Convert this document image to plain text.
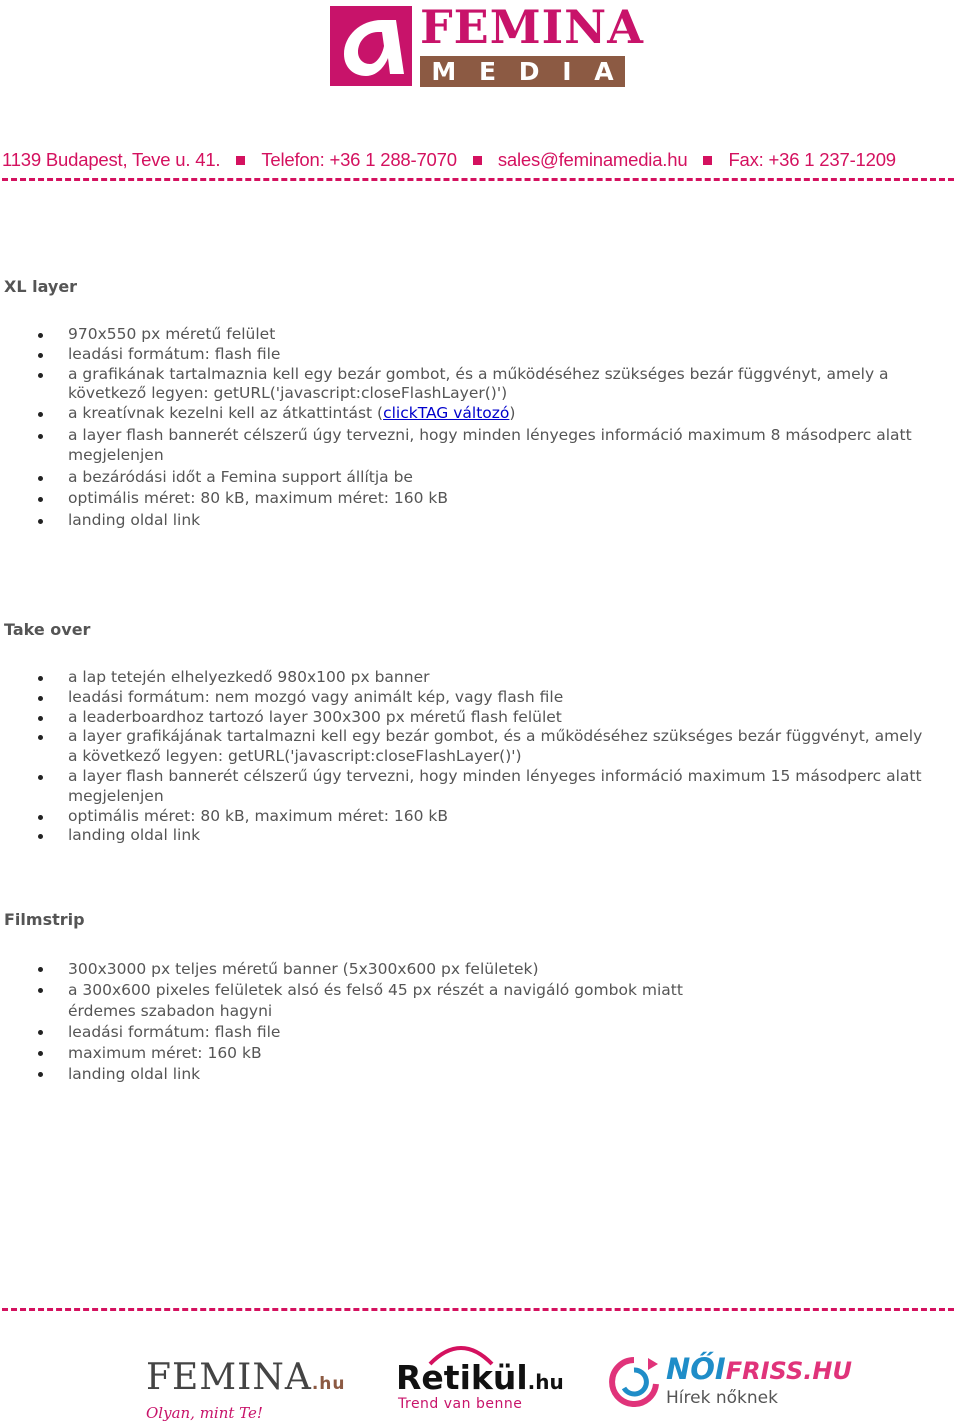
FEMINA
M E D I A
1139 Budapest, Teve u. 41. Telefon: +36 1 288-7070 sales@feminamedia.hu Fax: +36 1 237-1209
XL layer
970x550 px méretű felület
leadási formátum: flash file
a grafikának tartalmaznia kell egy bezár gombot, és a működéséhez szükséges bezár függvényt, amely a következő legyen: getURL('javascript:closeFlashLayer()')
a kreatívnak kezelni kell az átkattintást (clickTAG változó)
a layer flash bannerét célszerű úgy tervezni, hogy minden lényeges információ maximum 8 másodperc alatt megjelenjen
a bezáródási időt a Femina support állítja be
optimális méret: 80 kB, maximum méret: 160 kB
landing oldal link
Take over
a lap tetején elhelyezkedő 980x100 px banner
leadási formátum: nem mozgó vagy animált kép, vagy flash file
a leaderboardhoz tartozó layer 300x300 px méretű flash felület
a layer grafikájának tartalmazni kell egy bezár gombot, és a működéséhez szükséges bezár függvényt, amely a következő legyen: getURL('javascript:closeFlashLayer()')
a layer flash bannerét célszerű úgy tervezni, hogy minden lényeges információ maximum 15 másodperc alatt megjelenjen
optimális méret: 80 kB, maximum méret: 160 kB
landing oldal link
Filmstrip
300x3000 px teljes méretű banner (5x300x600 px felületek)
a 300x600 pixeles felületek alsó és felső 45 px részét a navigáló gombok miatt érdemes szabadon hagyni
leadási formátum: flash file
maximum méret: 160 kB
landing oldal link
FEMINA.hu
Olyan, mint Te!
Retikül.hu
Trend van benne
NŐIFRISS.HU
Hírek nőknek
